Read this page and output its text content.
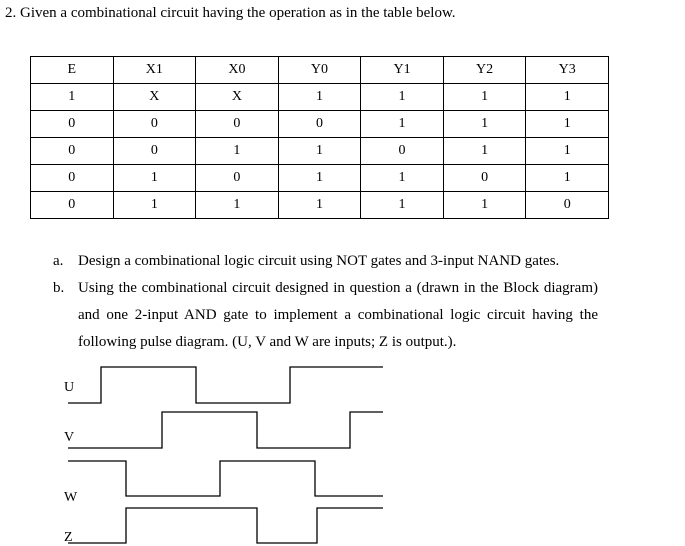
2. Given a combinational circuit having the operation as in the table below.
E	X1	X0	Y0	Y1	Y2	Y3
1	X	X	1	1	1	1
0	0	0	0	1	1	1
0	0	1	1	0	1	1
0	1	0	1	1	0	1
0	1	1	1	1	1	0
a. Design a combinational logic circuit using NOT gates and 3-input NAND gates.
b. Using the combinational circuit designed in question a (drawn in the Block diagram) and one 2-input AND gate to implement a combinational logic circuit having the following pulse diagram. (U, V and W are inputs; Z is output.).
U
V
W
Z
